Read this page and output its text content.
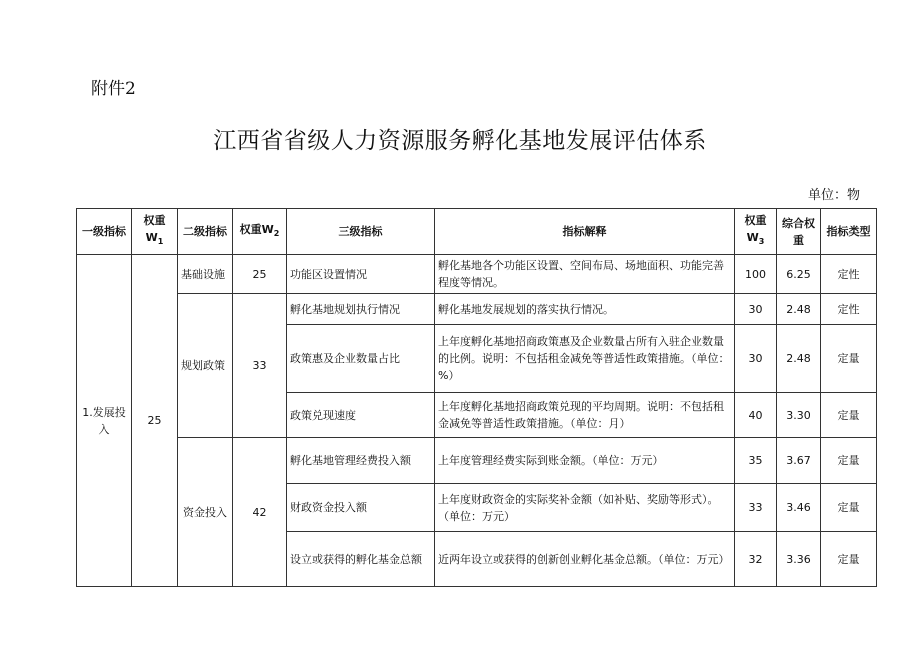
附件2
江西省省级人力资源服务孵化基地发展评估体系
单位：物
一级指标	权重$W_1$	二级指标	权重$W_2$	三级指标	指标解释	权重$W_3$	综合权重	指标类型
1.发展投入	25	基础设施	25	功能区设置情况	孵化基地各个功能区设置、空间布局、场地面积、功能完善程度等情况。	100	6.25	定性
		规划政策	33	孵化基地规划执行情况	孵化基地发展规划的落实执行情况。	30	2.48	定性
				政策惠及企业数量占比	上年度孵化基地招商政策惠及企业数量占所有入驻企业数量的比例。说明：不包括租金减免等普适性政策措施。（单位：%）	30	2.48	定量
				政策兑现速度	上年度孵化基地招商政策兑现的平均周期。说明：不包括租金减免等普适性政策措施。（单位：月）	40	3.30	定量
		资金投入	42	孵化基地管理经费投入额	上年度管理经费实际到账金额。（单位：万元）	35	3.67	定量
				财政资金投入额	上年度财政资金的实际奖补金额（如补贴、奖励等形式）。（单位：万元）	33	3.46	定量
				设立或获得的孵化基金总额	近两年设立或获得的创新创业孵化基金总额。（单位：万元）	32	3.36	定量
